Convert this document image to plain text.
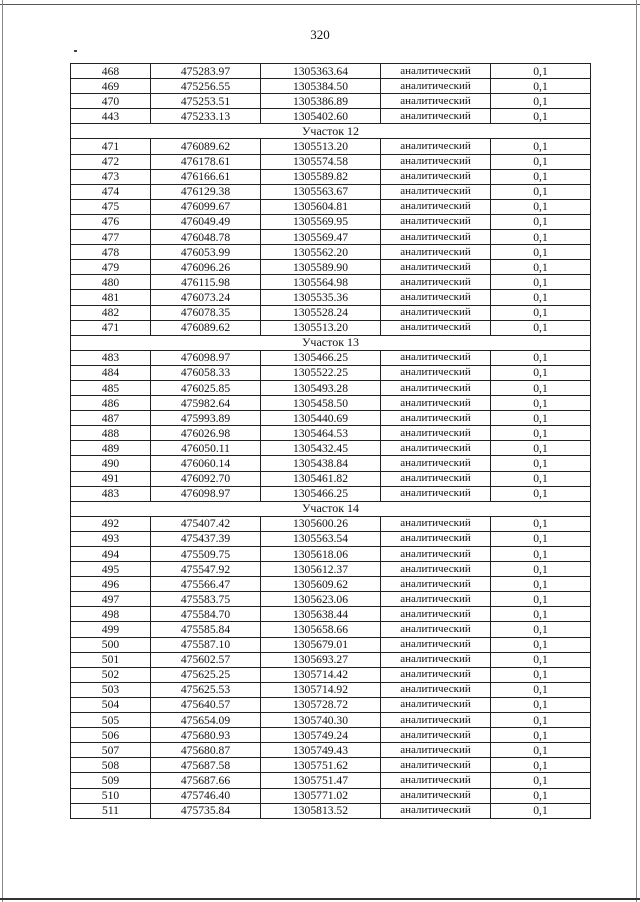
320
468	475283.97	1305363.64	аналитический	0,1
469	475256.55	1305384.50	аналитический	0,1
470	475253.51	1305386.89	аналитический	0,1
443	475233.13	1305402.60	аналитический	0,1
Участок 12				
471	476089.62	1305513.20	аналитический	0,1
472	476178.61	1305574.58	аналитический	0,1
473	476166.61	1305589.82	аналитический	0,1
474	476129.38	1305563.67	аналитический	0,1
475	476099.67	1305604.81	аналитический	0,1
476	476049.49	1305569.95	аналитический	0,1
477	476048.78	1305569.47	аналитический	0,1
478	476053.99	1305562.20	аналитический	0,1
479	476096.26	1305589.90	аналитический	0,1
480	476115.98	1305564.98	аналитический	0,1
481	476073.24	1305535.36	аналитический	0,1
482	476078.35	1305528.24	аналитический	0,1
471	476089.62	1305513.20	аналитический	0,1
Участок 13				
483	476098.97	1305466.25	аналитический	0,1
484	476058.33	1305522.25	аналитический	0,1
485	476025.85	1305493.28	аналитический	0,1
486	475982.64	1305458.50	аналитический	0,1
487	475993.89	1305440.69	аналитический	0,1
488	476026.98	1305464.53	аналитический	0,1
489	476050.11	1305432.45	аналитический	0,1
490	476060.14	1305438.84	аналитический	0,1
491	476092.70	1305461.82	аналитический	0,1
483	476098.97	1305466.25	аналитический	0,1
Участок 14				
492	475407.42	1305600.26	аналитический	0,1
493	475437.39	1305563.54	аналитический	0,1
494	475509.75	1305618.06	аналитический	0,1
495	475547.92	1305612.37	аналитический	0,1
496	475566.47	1305609.62	аналитический	0,1
497	475583.75	1305623.06	аналитический	0,1
498	475584.70	1305638.44	аналитический	0,1
499	475585.84	1305658.66	аналитический	0,1
500	475587.10	1305679.01	аналитический	0,1
501	475602.57	1305693.27	аналитический	0,1
502	475625.25	1305714.42	аналитический	0,1
503	475625.53	1305714.92	аналитический	0,1
504	475640.57	1305728.72	аналитический	0,1
505	475654.09	1305740.30	аналитический	0,1
506	475680.93	1305749.24	аналитический	0,1
507	475680.87	1305749.43	аналитический	0,1
508	475687.58	1305751.62	аналитический	0,1
509	475687.66	1305751.47	аналитический	0,1
510	475746.40	1305771.02	аналитический	0,1
511	475735.84	1305813.52	аналитический	0,1
